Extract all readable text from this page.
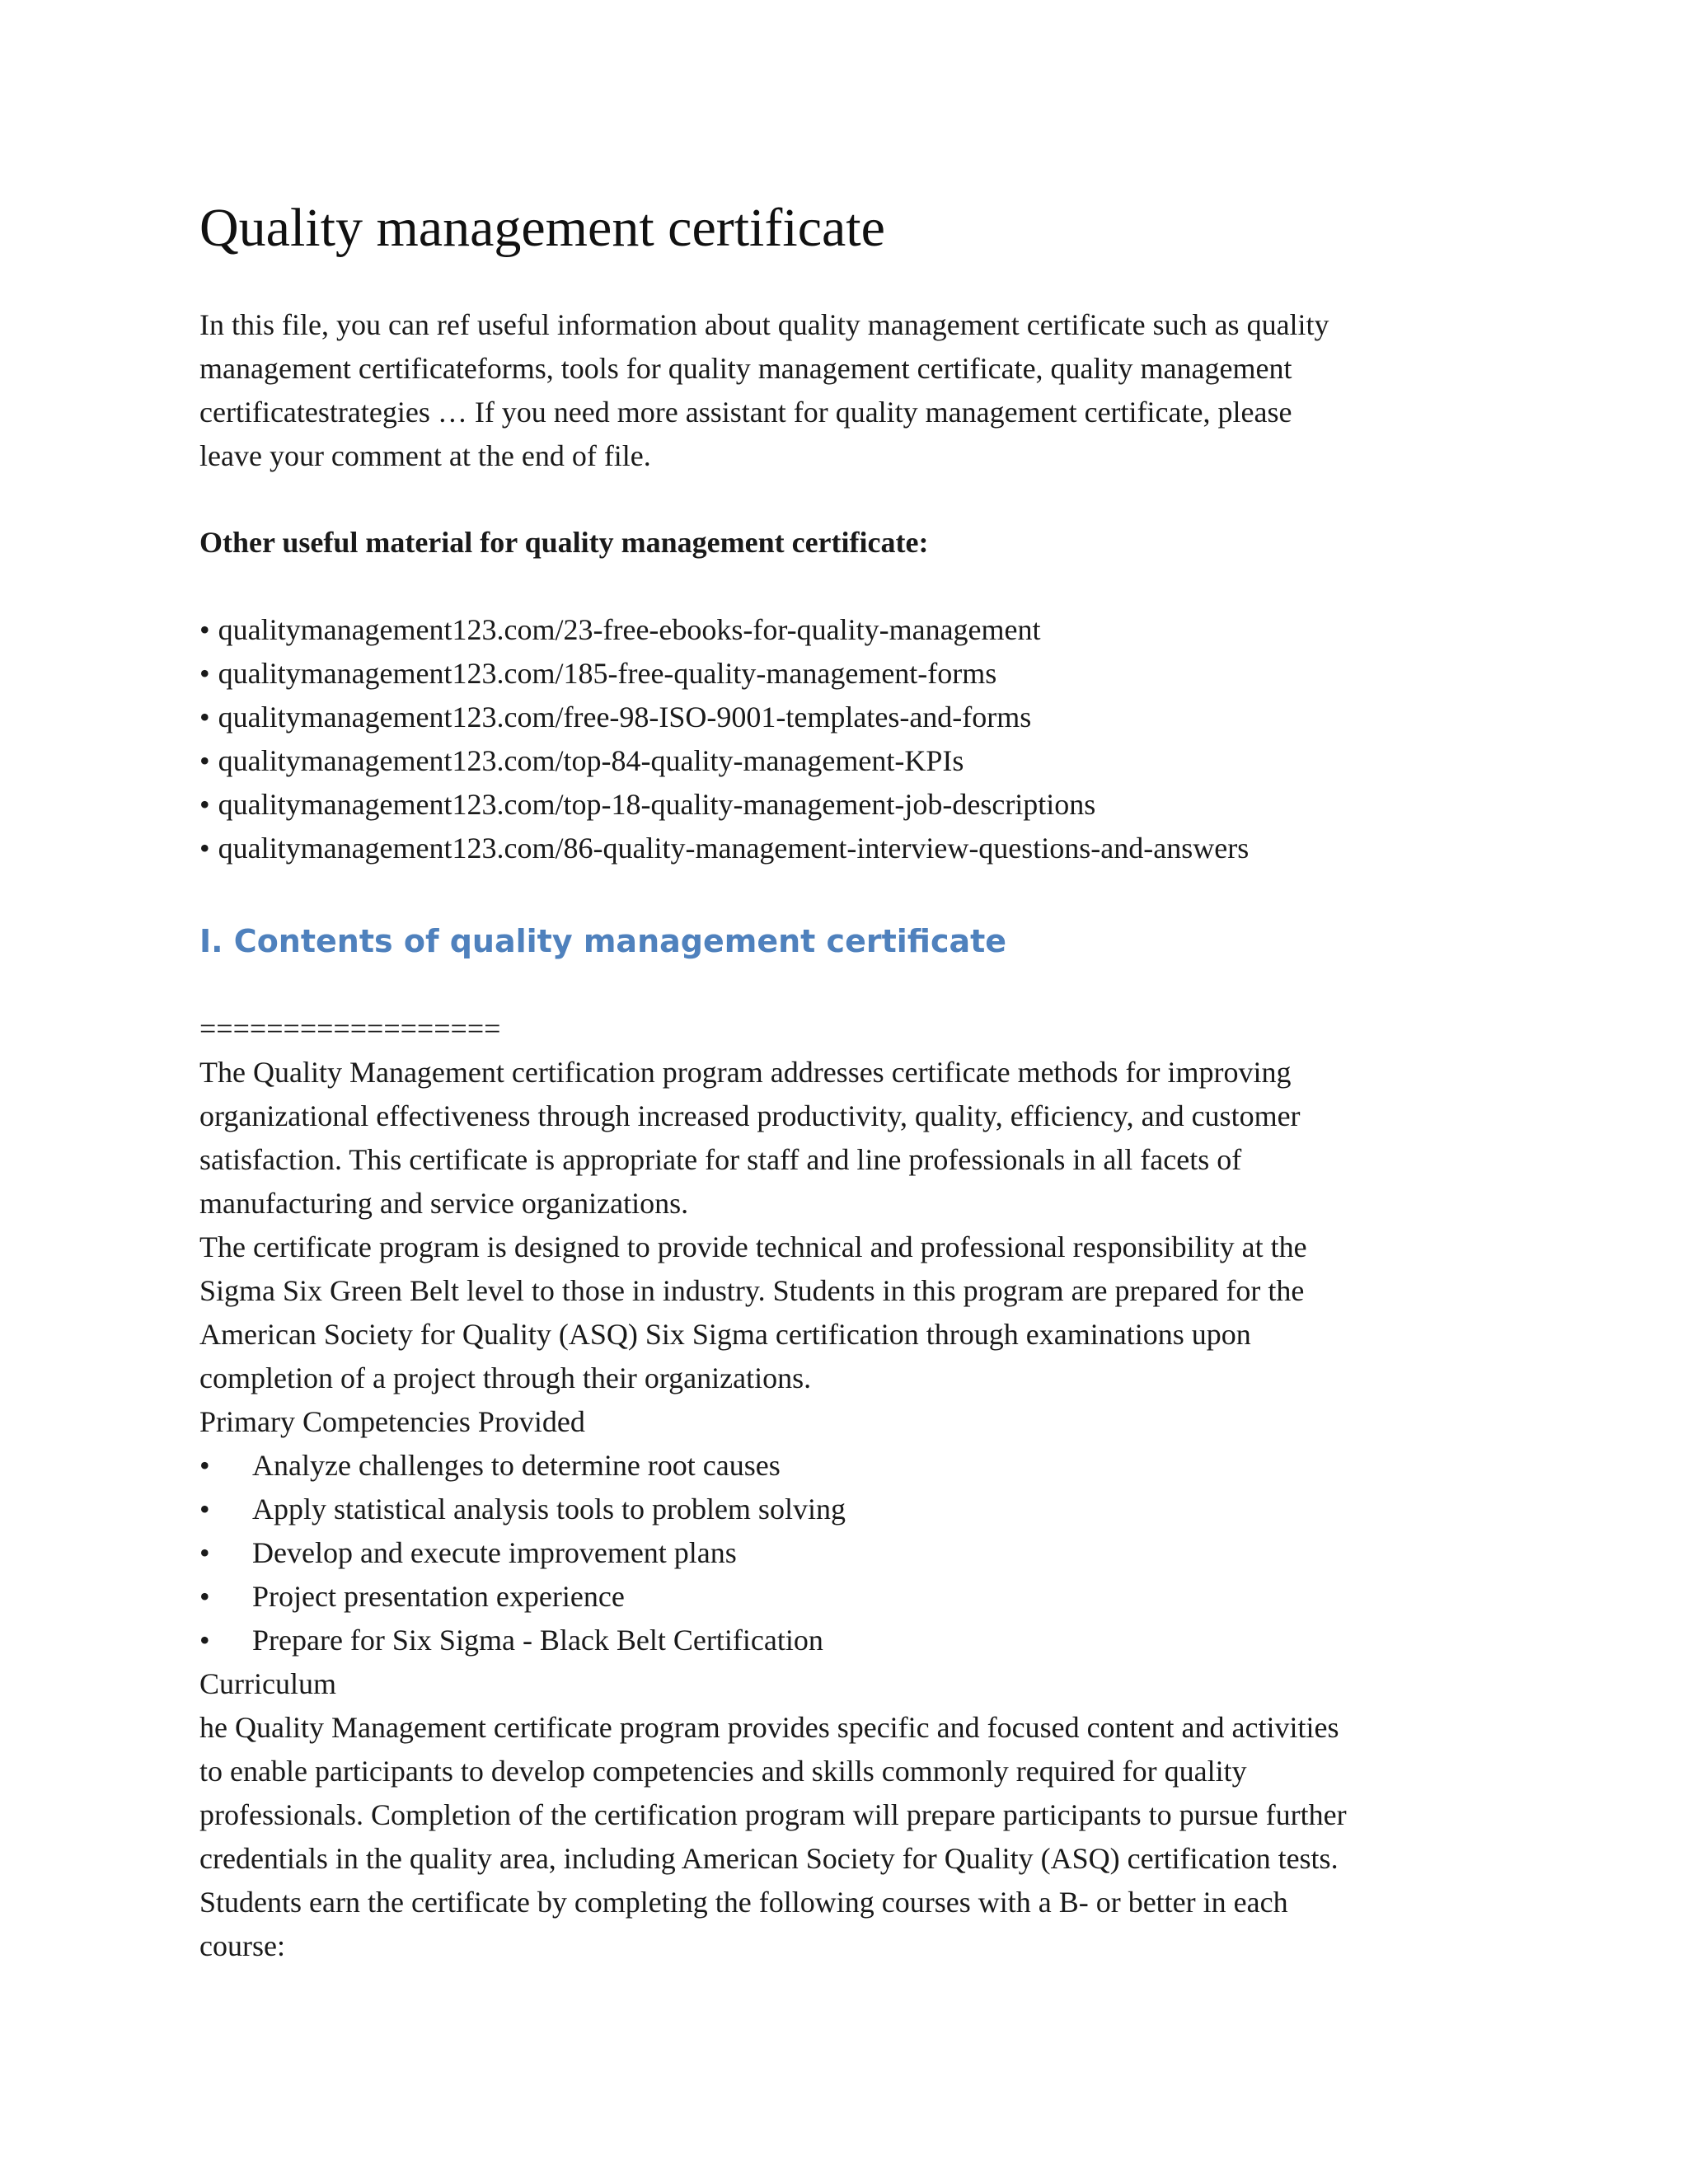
Quality management certificate

In this file, you can ref useful information about quality management certificate such as quality
management certificateforms, tools for quality management certificate, quality management
certificatestrategies … If you need more assistant for quality management certificate, please
leave your comment at the end of file.

Other useful material for quality management certificate:

• qualitymanagement123.com/23-free-ebooks-for-quality-management
• qualitymanagement123.com/185-free-quality-management-forms
• qualitymanagement123.com/free-98-ISO-9001-templates-and-forms
• qualitymanagement123.com/top-84-quality-management-KPIs
• qualitymanagement123.com/top-18-quality-management-job-descriptions
• qualitymanagement123.com/86-quality-management-interview-questions-and-answers
I. Contents of quality management certificate
==================

The Quality Management certification program addresses certificate methods for improving
organizational effectiveness through increased productivity, quality, efficiency, and customer
satisfaction. This certificate is appropriate for staff and line professionals in all facets of
manufacturing and service organizations.

The certificate program is designed to provide technical and professional responsibility at the
Sigma Six Green Belt level to those in industry. Students in this program are prepared for the
American Society for Quality (ASQ) Six Sigma certification through examinations upon
completion of a project through their organizations.

Primary Competencies Provided

• Analyze challenges to determine root causes
• Apply statistical analysis tools to problem solving
• Develop and execute improvement plans
• Project presentation experience
• Prepare for Six Sigma - Black Belt Certification

Curriculum

he Quality Management certificate program provides specific and focused content and activities
to enable participants to develop competencies and skills commonly required for quality
professionals. Completion of the certification program will prepare participants to pursue further
credentials in the quality area, including American Society for Quality (ASQ) certification tests.
Students earn the certificate by completing the following courses with a B- or better in each
course:
